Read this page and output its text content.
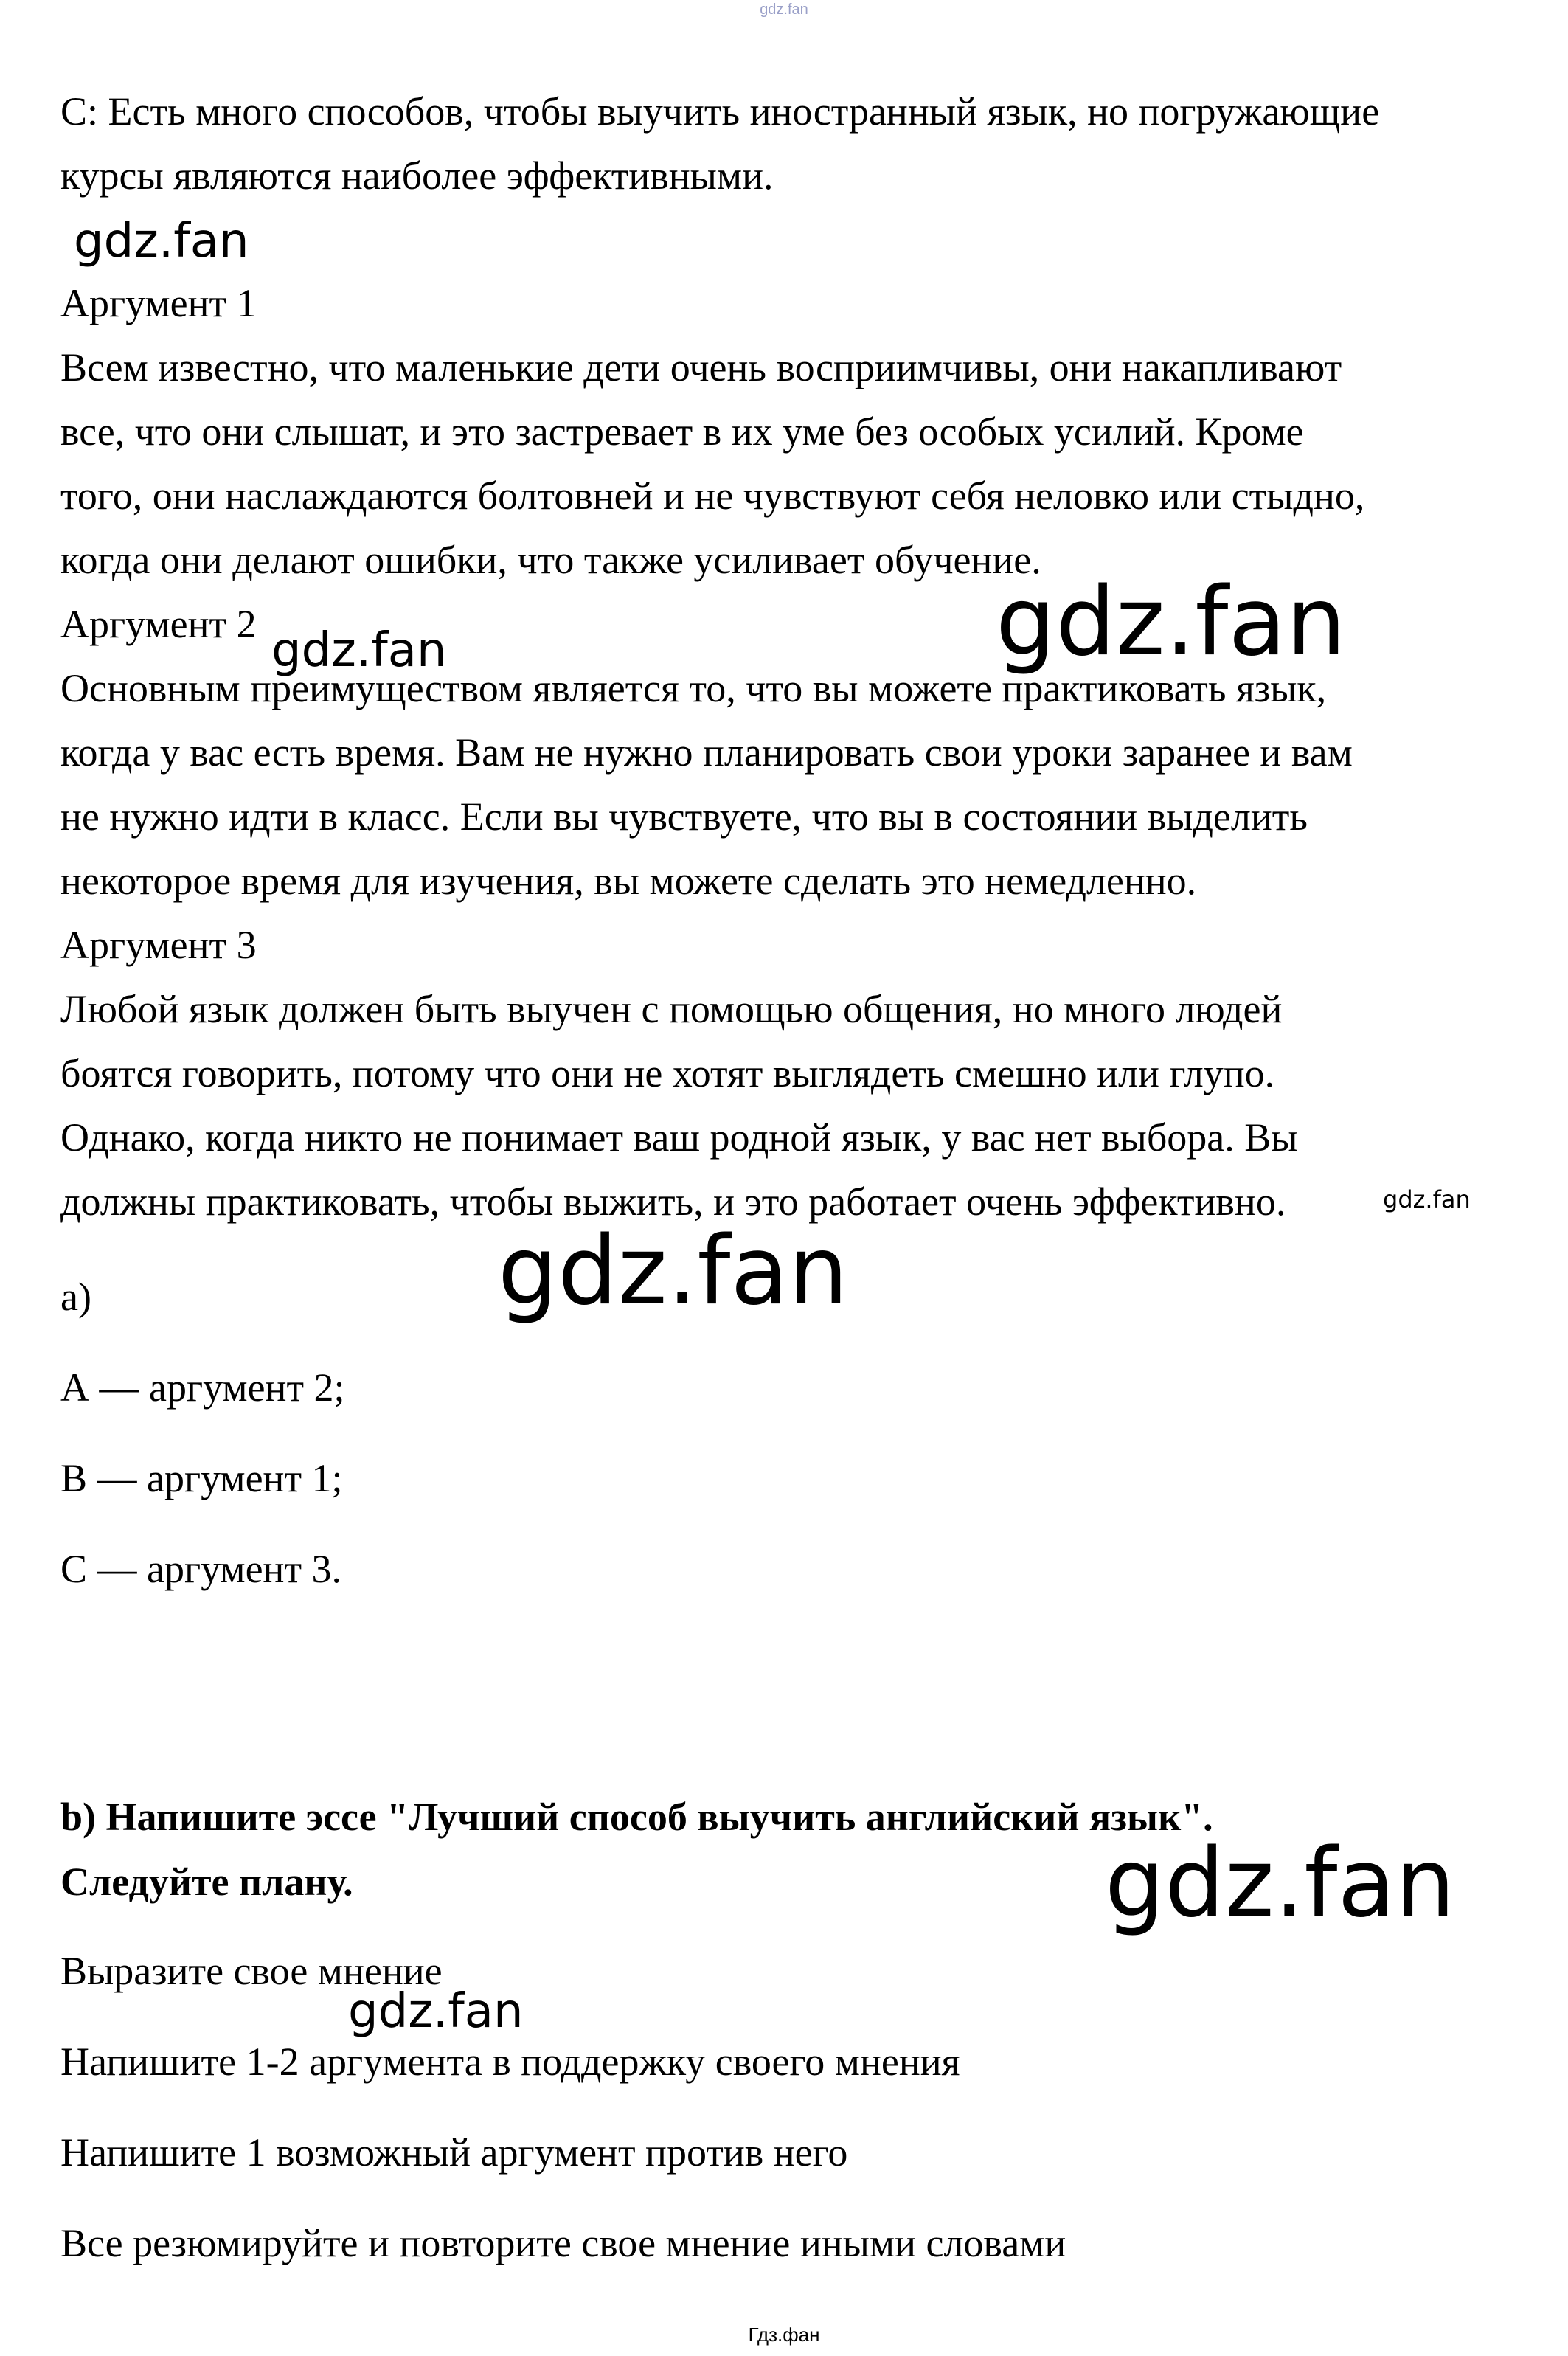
gdz.fan
С: Есть много способов, чтобы выучить иностранный язык, но погружающие
курсы являются наиболее эффективными.
Аргумент 1
Всем известно, что маленькие дети очень восприимчивы, они накапливают
все, что они слышат, и это застревает в их уме без особых усилий. Кроме
того, они наслаждаются болтовней и не чувствуют себя неловко или стыдно,
когда они делают ошибки, что также усиливает обучение.
Аргумент 2
Основным преимуществом является то, что вы можете практиковать язык,
когда у вас есть время. Вам не нужно планировать свои уроки заранее и вам
не нужно идти в класс. Если вы чувствуете, что вы в состоянии выделить
некоторое время для изучения, вы можете сделать это немедленно.
Аргумент 3
Любой язык должен быть выучен с помощью общения, но много людей
боятся говорить, потому что они не хотят выглядеть смешно или глупо.
Однако, когда никто не понимает ваш родной язык, у вас нет выбора. Вы
должны практиковать, чтобы выжить, и это работает очень эффективно.
a)
А — аргумент 2;
В — аргумент 1;
С — аргумент 3.
b) Напишите эссе "Лучший способ выучить английский язык".
Следуйте плану.
Выразите свое мнение
Напишите 1-2 аргумента в поддержку своего мнения
Напишите 1 возможный аргумент против него
Все резюмируйте и повторите свое мнение иными словами
gdz.fan
gdz.fan
gdz.fan
gdz.fan
gdz.fan
gdz.fan
gdz.fan
Гдз.фан
